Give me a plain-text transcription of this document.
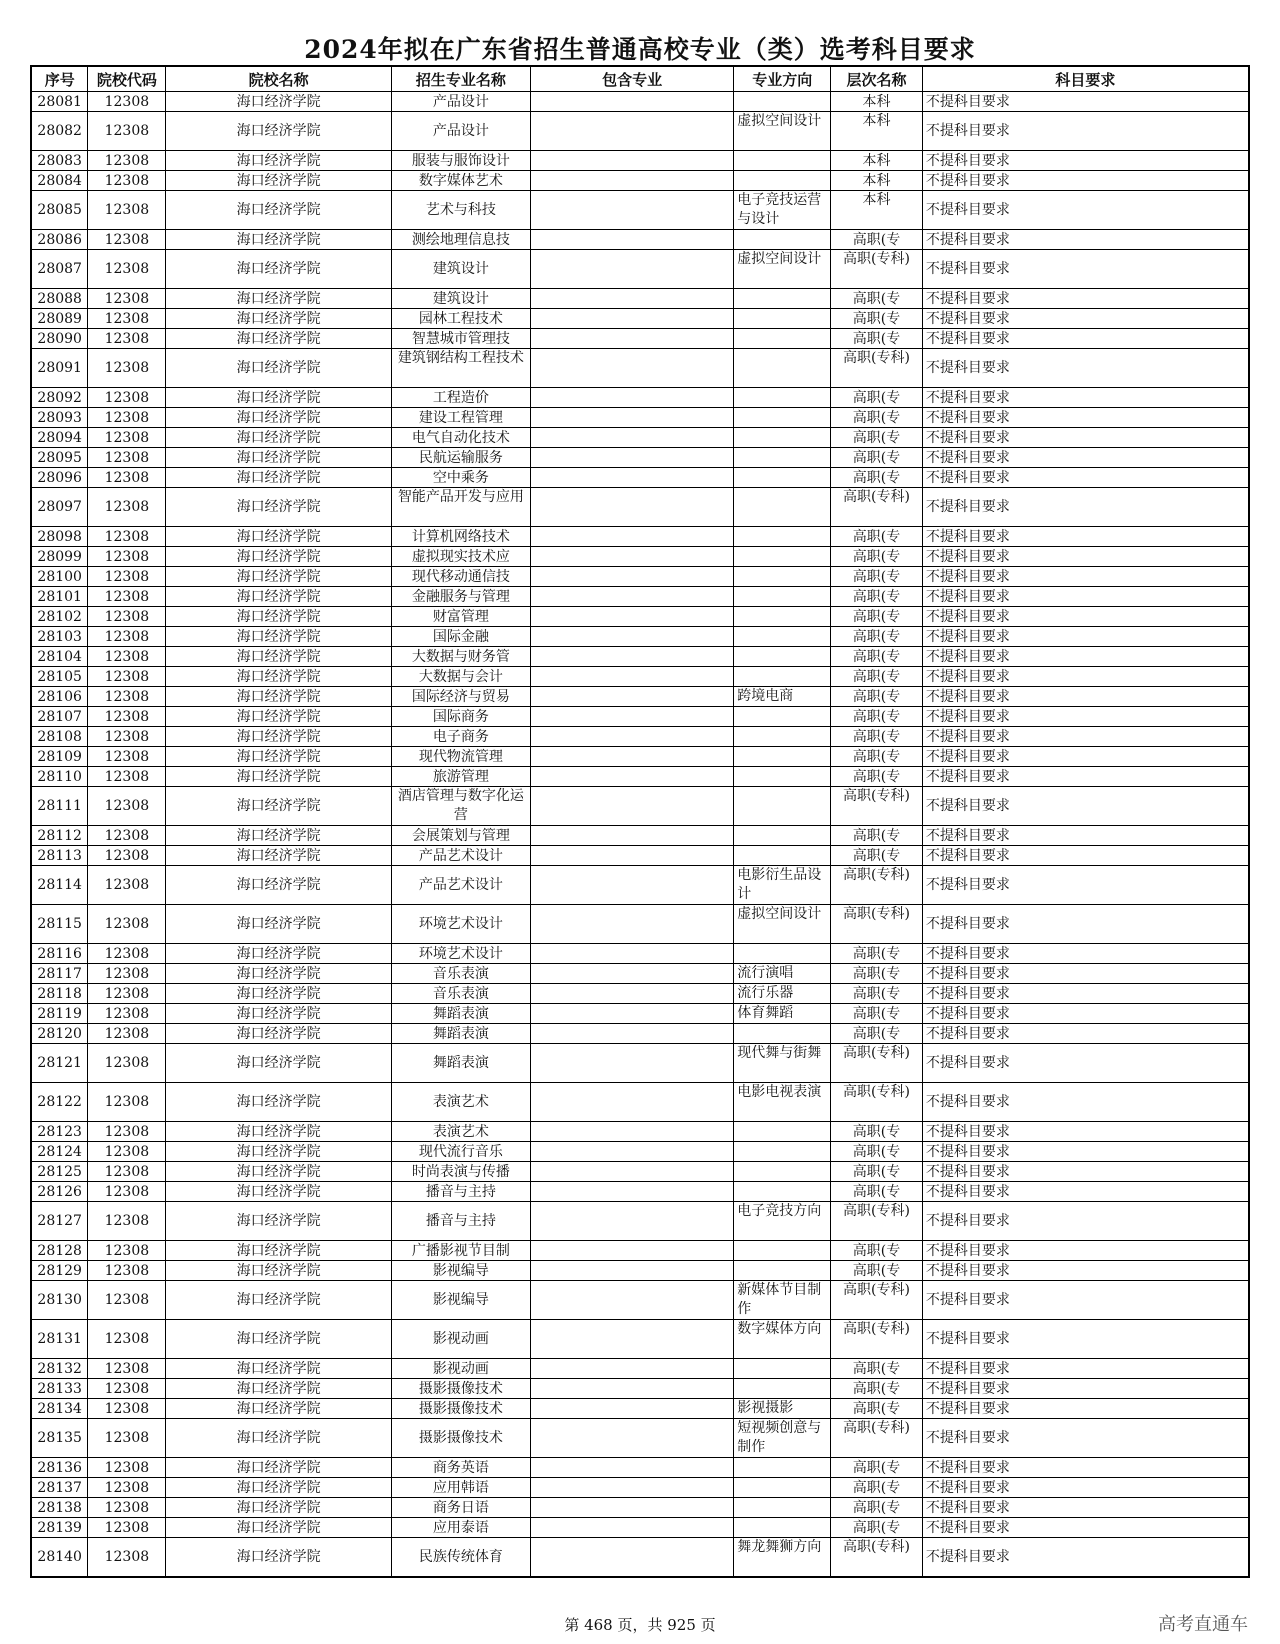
2024年拟在广东省招生普通高校专业（类）选考科目要求
序号	院校代码	院校名称	招生专业名称	包含专业	专业方向	层次名称	科目要求
28081	12308	海口经济学院	产品设计			本科	不提科目要求
28082	12308	海口经济学院	产品设计		虚拟空间设计	本科	不提科目要求
28083	12308	海口经济学院	服装与服饰设计			本科	不提科目要求
28084	12308	海口经济学院	数字媒体艺术			本科	不提科目要求
28085	12308	海口经济学院	艺术与科技		电子竞技运营与设计	本科	不提科目要求
28086	12308	海口经济学院	测绘地理信息技			高职(专	不提科目要求
28087	12308	海口经济学院	建筑设计		虚拟空间设计	高职(专科)	不提科目要求
28088	12308	海口经济学院	建筑设计			高职(专	不提科目要求
28089	12308	海口经济学院	园林工程技术			高职(专	不提科目要求
28090	12308	海口经济学院	智慧城市管理技			高职(专	不提科目要求
28091	12308	海口经济学院	建筑钢结构工程技术			高职(专科)	不提科目要求
28092	12308	海口经济学院	工程造价			高职(专	不提科目要求
28093	12308	海口经济学院	建设工程管理			高职(专	不提科目要求
28094	12308	海口经济学院	电气自动化技术			高职(专	不提科目要求
28095	12308	海口经济学院	民航运输服务			高职(专	不提科目要求
28096	12308	海口经济学院	空中乘务			高职(专	不提科目要求
28097	12308	海口经济学院	智能产品开发与应用			高职(专科)	不提科目要求
28098	12308	海口经济学院	计算机网络技术			高职(专	不提科目要求
28099	12308	海口经济学院	虚拟现实技术应			高职(专	不提科目要求
28100	12308	海口经济学院	现代移动通信技			高职(专	不提科目要求
28101	12308	海口经济学院	金融服务与管理			高职(专	不提科目要求
28102	12308	海口经济学院	财富管理			高职(专	不提科目要求
28103	12308	海口经济学院	国际金融			高职(专	不提科目要求
28104	12308	海口经济学院	大数据与财务管			高职(专	不提科目要求
28105	12308	海口经济学院	大数据与会计			高职(专	不提科目要求
28106	12308	海口经济学院	国际经济与贸易		跨境电商	高职(专	不提科目要求
28107	12308	海口经济学院	国际商务			高职(专	不提科目要求
28108	12308	海口经济学院	电子商务			高职(专	不提科目要求
28109	12308	海口经济学院	现代物流管理			高职(专	不提科目要求
28110	12308	海口经济学院	旅游管理			高职(专	不提科目要求
28111	12308	海口经济学院	酒店管理与数字化运营			高职(专科)	不提科目要求
28112	12308	海口经济学院	会展策划与管理			高职(专	不提科目要求
28113	12308	海口经济学院	产品艺术设计			高职(专	不提科目要求
28114	12308	海口经济学院	产品艺术设计		电影衍生品设计	高职(专科)	不提科目要求
28115	12308	海口经济学院	环境艺术设计		虚拟空间设计	高职(专科)	不提科目要求
28116	12308	海口经济学院	环境艺术设计			高职(专	不提科目要求
28117	12308	海口经济学院	音乐表演		流行演唱	高职(专	不提科目要求
28118	12308	海口经济学院	音乐表演		流行乐器	高职(专	不提科目要求
28119	12308	海口经济学院	舞蹈表演		体育舞蹈	高职(专	不提科目要求
28120	12308	海口经济学院	舞蹈表演			高职(专	不提科目要求
28121	12308	海口经济学院	舞蹈表演		现代舞与街舞	高职(专科)	不提科目要求
28122	12308	海口经济学院	表演艺术		电影电视表演	高职(专科)	不提科目要求
28123	12308	海口经济学院	表演艺术			高职(专	不提科目要求
28124	12308	海口经济学院	现代流行音乐			高职(专	不提科目要求
28125	12308	海口经济学院	时尚表演与传播			高职(专	不提科目要求
28126	12308	海口经济学院	播音与主持			高职(专	不提科目要求
28127	12308	海口经济学院	播音与主持		电子竞技方向	高职(专科)	不提科目要求
28128	12308	海口经济学院	广播影视节目制			高职(专	不提科目要求
28129	12308	海口经济学院	影视编导			高职(专	不提科目要求
28130	12308	海口经济学院	影视编导		新媒体节目制作	高职(专科)	不提科目要求
28131	12308	海口经济学院	影视动画		数字媒体方向	高职(专科)	不提科目要求
28132	12308	海口经济学院	影视动画			高职(专	不提科目要求
28133	12308	海口经济学院	摄影摄像技术			高职(专	不提科目要求
28134	12308	海口经济学院	摄影摄像技术		影视摄影	高职(专	不提科目要求
28135	12308	海口经济学院	摄影摄像技术		短视频创意与制作	高职(专科)	不提科目要求
28136	12308	海口经济学院	商务英语			高职(专	不提科目要求
28137	12308	海口经济学院	应用韩语			高职(专	不提科目要求
28138	12308	海口经济学院	商务日语			高职(专	不提科目要求
28139	12308	海口经济学院	应用泰语			高职(专	不提科目要求
28140	12308	海口经济学院	民族传统体育		舞龙舞狮方向	高职(专科)	不提科目要求
第 468 页，共 925 页	高考直通车
